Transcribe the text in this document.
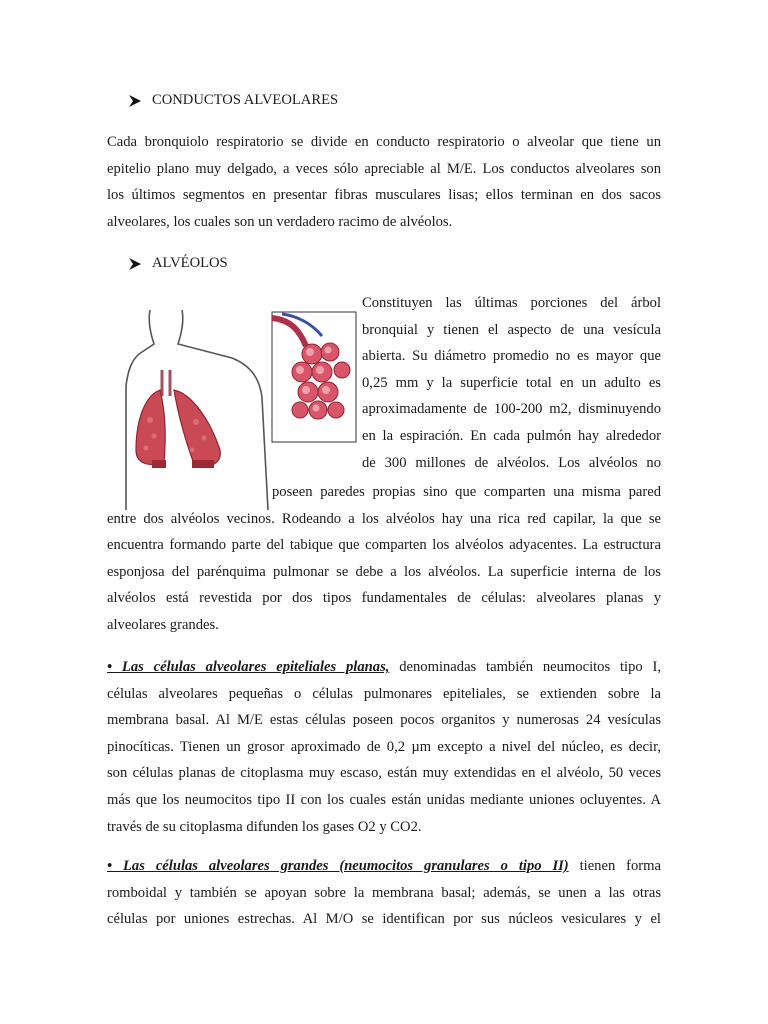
CONDUCTOS ALVEOLARES
Cada bronquiolo respiratorio se divide en conducto respiratorio o alveolar que tiene un
epitelio plano muy delgado, a veces sólo apreciable al M/E. Los conductos alveolares son
los últimos segmentos en presentar fibras musculares lisas; ellos terminan en dos sacos
alveolares, los cuales son un verdadero racimo de alvéolos.
ALVÉOLOS
Constituyen las últimas porciones del árbol
bronquial y tienen el aspecto de una vesícula
abierta. Su diámetro promedio no es mayor que
0,25 mm y la superficie total en un adulto es
aproximadamente de 100-200 m2, disminuyendo
en la espiración. En cada pulmón hay alrededor
de 300 millones de alvéolos. Los alvéolos no
poseen paredes propias sino que comparten una misma pared
entre dos alvéolos vecinos. Rodeando a los alvéolos hay una rica red capilar, la que se
encuentra formando parte del tabique que comparten los alvéolos adyacentes. La estructura
esponjosa del parénquima pulmonar se debe a los alvéolos. La superficie interna de los
alvéolos está revestida por dos tipos fundamentales de células: alveolares planas y
alveolares grandes.
• Las células alveolares epiteliales planas, denominadas también neumocitos tipo I,
células alveolares pequeñas o células pulmonares epiteliales, se extienden sobre la
membrana basal. Al M/E estas células poseen pocos organitos y numerosas 24 vesículas
pinocíticas. Tienen un grosor aproximado de 0,2 µm excepto a nivel del núcleo, es decir,
son células planas de citoplasma muy escaso, están muy extendidas en el alvéolo, 50 veces
más que los neumocitos tipo II con los cuales están unidas mediante uniones ocluyentes. A
través de su citoplasma difunden los gases O2 y CO2.
• Las células alveolares grandes (neumocitos granulares o tipo II) tienen forma
romboidal y también se apoyan sobre la membrana basal; además, se unen a las otras
células por uniones estrechas. Al M/O se identifican por sus núcleos vesiculares y el
